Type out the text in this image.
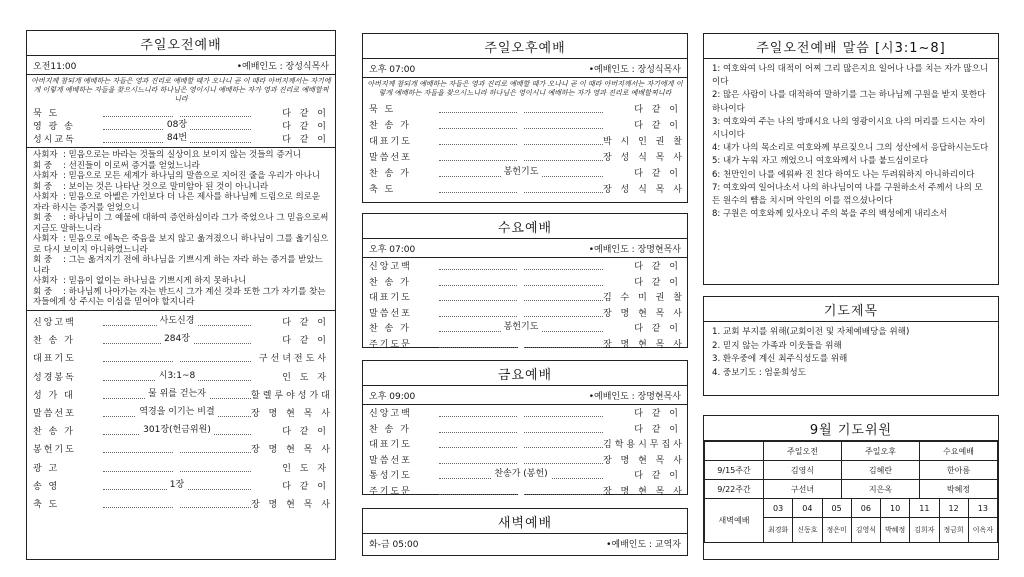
주일오전예배
오전11:00	•예배인도 : 장성식목사
아버지께 참되게 예배하는 자들은 영과 진리로 예배할 때가 오나니 곧 이 때라 아버지께서는 자기에게 이렇게 예배하는 자들을 찾으시느니라 하나님은 영이시니 예배하는 자가 영과 진리로 예배할찌니라
묵 도	다 같 이
영 광 송	08장	다 같 이
성시교독	84번	다 같 이
사회자 : 믿음으로는 바라는 것들의 실상이요 보이지 않는 것들의 증거니
회 중 : 선진들이 이로써 증거를 얻었느니라
사회자 : 믿음으로 모든 세계가 하나님의 말씀으로 지어진 줄을 우리가 아나니
회 중 : 보이는 것은 나타난 것으로 말미암아 된 것이 아니니라
사회자 : 믿음으로 아벨은 가인보다 더 나은 제사를 하나님께 드림으로 의로운 자라 하시는 증거를 얻었으니
회 중 : 하나님이 그 예물에 대하여 증언하심이라 그가 죽었으나 그 믿음으로써 지금도 말하느니라
사회자 : 믿음으로 에녹은 죽음을 보지 않고 옮겨졌으니 하나님이 그를 옮기심으로 다시 보이지 아니하였느니라
회 중 : 그는 옮겨지기 전에 하나님을 기쁘시게 하는 자라 하는 증거를 받았느니라
사회자 : 믿음이 없이는 하나님을 기쁘시게 하지 못하나니
회 중 : 하나님께 나아가는 자는 반드시 그가 계신 것과 또한 그가 자기를 찾는 자들에게 상 주시는 이심을 믿어야 할지니라
신앙고백	사도신경	다 같 이
찬 송 가	284장	다 같 이
대표기도	구선녀전도사
성경봉독	시3:1~8	인 도 자
성 가 대	물 위를 걷는자	할렐루야성가대
말씀선포	역경을 이기는 비결	장 명 현 목 사
찬 송 가	301장(헌금위원)	다 같 이
봉헌기도	장 명 현 목 사
광 고	인 도 자
송 영	1장	다 같 이
축 도	장 명 현 목 사
주일오후예배
오후 07:00	•예배인도 : 장성식목사
아버지께 참되게 예배하는 자들은 영과 진리로 예배할 때가 오나니 곧 이 때라 아버지께서는 자기에게 이렇게 예배하는 자들을 찾으시느니라 하나님은 영이시니 예배하는 자가 영과 진리로 예배할찌니라
묵 도	다 같 이
찬 송 가	다 같 이
대표기도	박 시 인 권 찰
말씀선포	장 성 식 목 사
찬 송 가	봉헌기도	다 같 이
축 도	장 성 식 목 사
수요예배
오후 07:00	•예배인도 : 장명현목사
신앙고백	다 같 이
찬 송 가	다 같 이
대표기도	김 수 미 권 찰
말씀선포	장 명 현 목 사
찬 송 가	봉헌기도	다 같 이
주기도문	장 명 현 목 사
금요예배
오후 09:00	•예배인도 : 장명현목사
신앙고백	다 같 이
찬 송 가	다 같 이
대표기도	김학용시무집사
말씀선포	장 명 현 목 사
통성기도	찬송가 (봉헌)	다 같 이
주기도문	장 명 현 목 사
새벽예배
화-금 05:00	•예배인도 : 교역자
주일오전예배 말씀 [시3:1~8]
1: 여호와여 나의 대적이 어찌 그리 많은지요 일어나 나를 치는 자가 많으니이다
2: 많은 사람이 나를 대적하여 말하기를 그는 하나님께 구원을 받지 못한다 하나이다
3: 여호와여 주는 나의 방패시요 나의 영광이시요 나의 머리를 드시는 자이시니이다
4: 내가 나의 목소리로 여호와께 부르짖으니 그의 성산에서 응답하시는도다
5: 내가 누워 자고 깨었으니 여호와께서 나를 붙드심이로다
6: 천만인이 나를 에워싸 진 친다 하여도 나는 두려워하지 아니하리이다
7: 여호와여 일어나소서 나의 하나님이여 나를 구원하소서 주께서 나의 모든 원수의 뺨을 치시며 악인의 이를 꺾으셨나이다
8: 구원은 여호와께 있사오니 주의 복을 주의 백성에게 내리소서
기도제목
1. 교회 부지를 위해(교회이전 및 자체예배당을 위해)
2. 믿지 않는 가족과 이웃들을 위해
3. 환우중에 계신 최주식성도를 위해
4. 중보기도 : 엄윤희성도
9월 기도위원
	주일오전	주일오후	수요예배
9/15주간	김영식	김혜란	한아름
9/22주간	구선녀	지은옥	박혜정
새벽예배	03	04	05	06	10	11	12	13
	최경화	신동호	정은미	김영식	박혜정	김희자	정금희	이옥자
